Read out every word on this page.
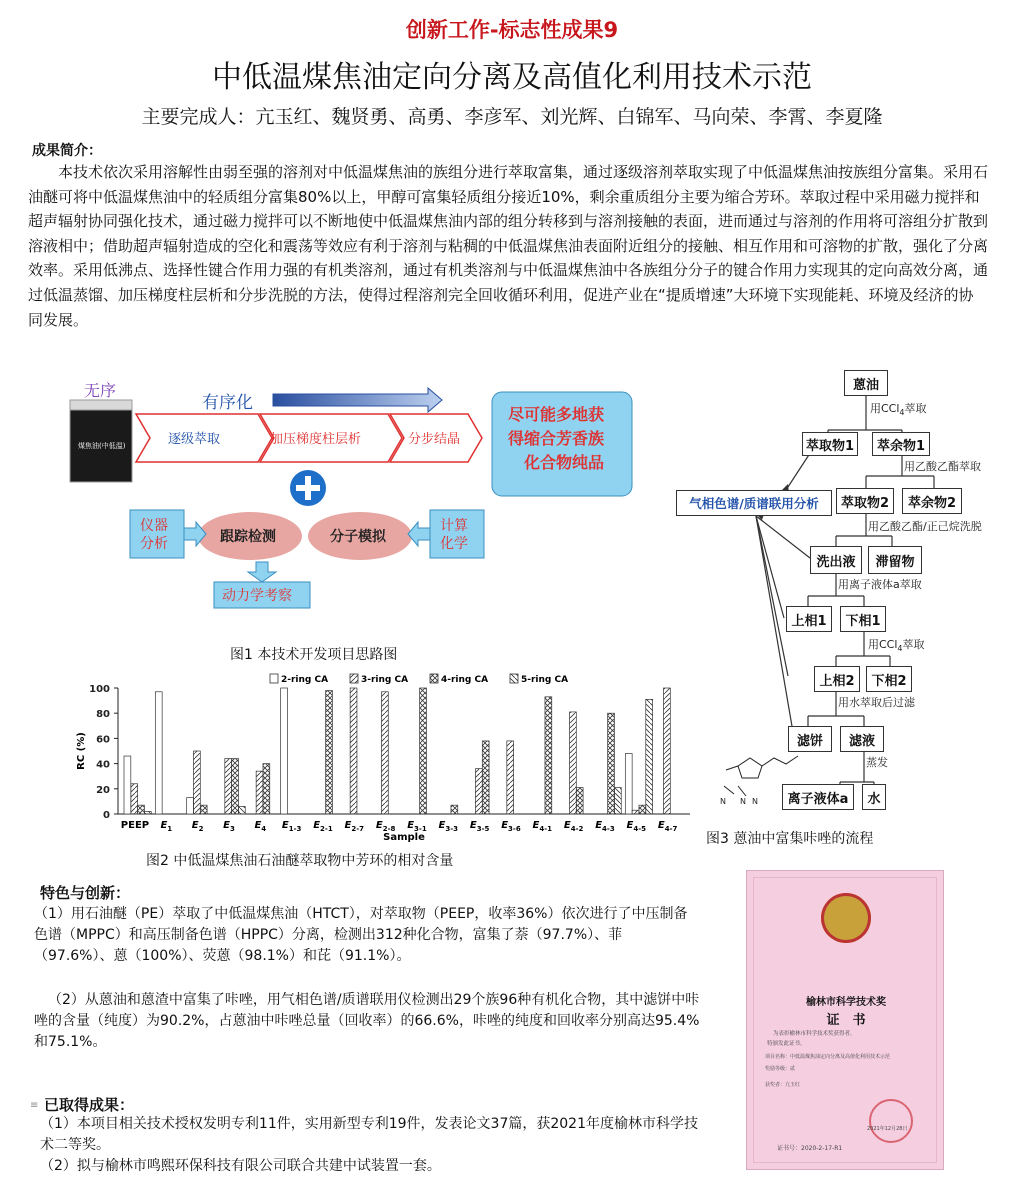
创新工作-标志性成果9
中低温煤焦油定向分离及高值化利用技术示范
主要完成人：亢玉红、魏贤勇、高勇、李彦军、刘光辉、白锦军、马向荣、李霄、李夏隆
成果简介：
本技术依次采用溶解性由弱至强的溶剂对中低温煤焦油的族组分进行萃取富集，通过逐级溶剂萃取实现了中低温煤焦油按族组分富集。采用石油醚可将中低温煤焦油中的轻质组分富集80%以上，甲醇可富集轻质组分接近10%，剩余重质组分主要为缩合芳环。萃取过程中采用磁力搅拌和超声辐射协同强化技术，通过磁力搅拌可以不断地使中低温煤焦油内部的组分转移到与溶剂接触的表面，进而通过与溶剂的作用将可溶组分扩散到溶液相中；借助超声辐射造成的空化和震荡等效应有利于溶剂与粘稠的中低温煤焦油表面附近组分的接触、相互作用和可溶物的扩散，强化了分离效率。采用低沸点、选择性键合作用力强的有机类溶剂，通过有机类溶剂与中低温煤焦油中各族组分分子的键合作用力实现其的定向高效分离，通过低温蒸馏、加压梯度柱层析和分步洗脱的方法，使得过程溶剂完全回收循环利用，促进产业在“提质增速”大环境下实现能耗、环境及经济的协同发展。
煤焦油(中低温)
无序
有序化
逐级萃取	加压梯度柱层析	分步结晶
尽可能多地获 得缩合芳香族 化合物纯品
跟踪检测	分子模拟
仪器分析
计算化学
动力学考察
图1 本技术开发项目思路图
0
20
40
60
80
100
RC (%)
Sample
2-ring CA	3-ring CA	4-ring CA	5-ring CA
PEEP $E_1$ $E_2$ $E_3$ $E_4$ $E_{1-3}$ $E_{2-1}$ $E_{2-7}$ $E_{2-8}$ $E_{3-1}$ $E_{3-3}$ $E_{3-5}$ $E_{3-6}$ $E_{4-1}$ $E_{4-2}$ $E_{4-3}$ $E_{4-5}$ $E_{4-7}$
图2 中低温煤焦油石油醚萃取物中芳环的相对含量
N N N
蒽油
用CCl$_4$萃取
萃取物1	萃余物1
用乙酸乙酯萃取
萃取物2	萃余物2
用乙酸乙酯/正己烷洗脱
洗出液	滞留物
用离子液体a萃取
上相1	下相1
用CCl$_4$萃取
上相2	下相2
用水萃取后过滤
滤饼	滤液
蒸发
离子液体a	水
气相色谱/质谱联用分析
图3 蒽油中富集咔唑的流程
特色与创新：
（1）用石油醚（PE）萃取了中低温煤焦油（HTCT），对萃取物（PEEP，收率36%）依次进行了中压制备色谱（MPPC）和高压制备色谱（HPPC）分离，检测出312种化合物，富集了萘（97.7%）、菲（97.6%）、蒽（100%）、荧蒽（98.1%）和芘（91.1%）。
（2）从蒽油和蒽渣中富集了咔唑，用气相色谱/质谱联用仪检测出29个族96种有机化合物，其中滤饼中咔唑的含量（纯度）为90.2%，占蒽油中咔唑总量（回收率）的66.6%，咔唑的纯度和回收率分别高达95.4%和75.1%。
≡ 已取得成果：
（1）本项目相关技术授权发明专利11件，实用新型专利19件，发表论文37篇，获2021年度榆林市科学技术二等奖。
（2）拟与榆林市鸣熙环保科技有限公司联合共建中试装置一套。
榆林市科学技术奖
证　书
为表彰榆林市科学技术奖获得者，
特颁发此证书。
项目名称：中低温煤焦油定向分离及高值化利用技术示范
奖励等级：贰
获奖者：亢玉红
2021年12月28日
证书号：2020-2-17-R1
